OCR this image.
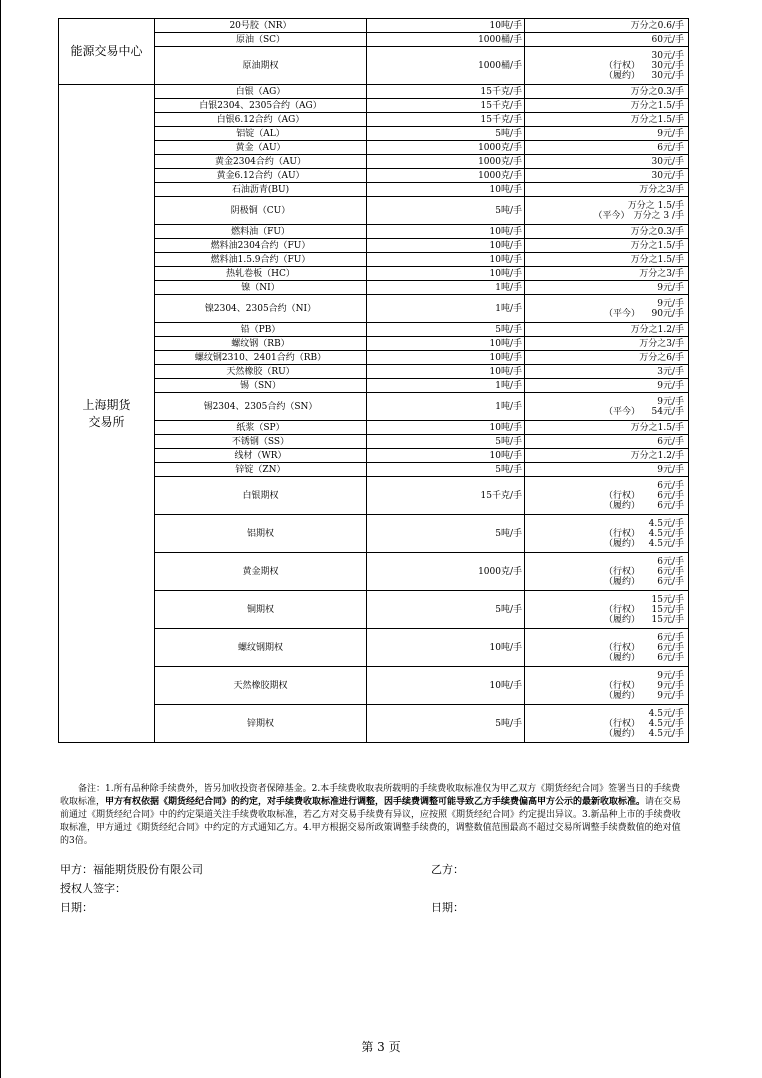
能源交易中心	20号胶（NR）	10吨/手	万分之0.6/手

	原油（SC）	1000桶/手	60元/手

	原油期权	1000桶/手	30元/手
（行权） 30元/手
（履约） 30元/手

上海期货交易所	白银（AG）	15千克/手	万分之0.3/手

	白银2304、2305合约（AG）	15千克/手	万分之1.5/手

	白银6.12合约（AG）	15千克/手	万分之1.5/手

	铝锭（AL）	5吨/手	9元/手

	黄金（AU）	1000克/手	6元/手

	黄金2304合约（AU）	1000克/手	30元/手

	黄金6.12合约（AU）	1000克/手	30元/手

	石油沥青(BU)	10吨/手	万分之3/手

	阴极铜（CU）	5吨/手	万分之 1.5/手
（平今） 万分之 3 /手

	燃料油（FU）	10吨/手	万分之0.3/手

	燃料油2304合约（FU）	10吨/手	万分之1.5/手

	燃料油1.5.9合约（FU）	10吨/手	万分之1.5/手

	热轧卷板（HC）	10吨/手	万分之3/手

	镍（NI）	1吨/手	9元/手

	镍2304、2305合约（NI）	1吨/手	9元/手
（平今） 90元/手

	铅（PB）	5吨/手	万分之1.2/手

	螺纹钢（RB）	10吨/手	万分之3/手

	螺纹钢2310、2401合约（RB）	10吨/手	万分之6/手

	天然橡胶（RU）	10吨/手	3元/手

	锡（SN）	1吨/手	9元/手

	锡2304、2305合约（SN）	1吨/手	9元/手
（平今） 54元/手

	纸浆（SP）	10吨/手	万分之1.5/手

	不锈钢（SS）	5吨/手	6元/手

	线材（WR）	10吨/手	万分之1.2/手

	锌锭（ZN）	5吨/手	9元/手

	白银期权	15千克/手	6元/手
（行权） 6元/手
（履约） 6元/手

	铝期权	5吨/手	4.5元/手
（行权） 4.5元/手
（履约） 4.5元/手

	黄金期权	1000克/手	6元/手
（行权） 6元/手
（履约） 6元/手

	铜期权	5吨/手	15元/手
（行权） 15元/手
（履约） 15元/手

	螺纹钢期权	10吨/手	6元/手
（行权） 6元/手
（履约） 6元/手

	天然橡胶期权	10吨/手	9元/手
（行权） 9元/手
（履约） 9元/手

	锌期权	5吨/手	4.5元/手
（行权） 4.5元/手
（履约） 4.5元/手

备注：1.所有品种除手续费外，皆另加收投资者保障基金。2.本手续费收取表所载明的手续费收取标准仅为甲乙双方《期货经纪合同》签署当日的手续费收取标准，甲方有权依据《期货经纪合同》的约定，对手续费收取标准进行调整，因手续费调整可能导致乙方手续费偏高甲方公示的最新收取标准。请在交易前通过《期货经纪合同》中的约定渠道关注手续费收取标准，若乙方对交易手续费有异议，应按照《期货经纪合同》约定提出异议。3.新品种上市的手续费收取标准，甲方通过《期货经纪合同》中约定的方式通知乙方。4.甲方根据交易所政策调整手续费的，调整数值范围最高不超过交易所调整手续费数值的绝对值的3倍。

甲方：福能期货股份有限公司	乙方：
授权人签字：
日期：	日期：
第 3 页
